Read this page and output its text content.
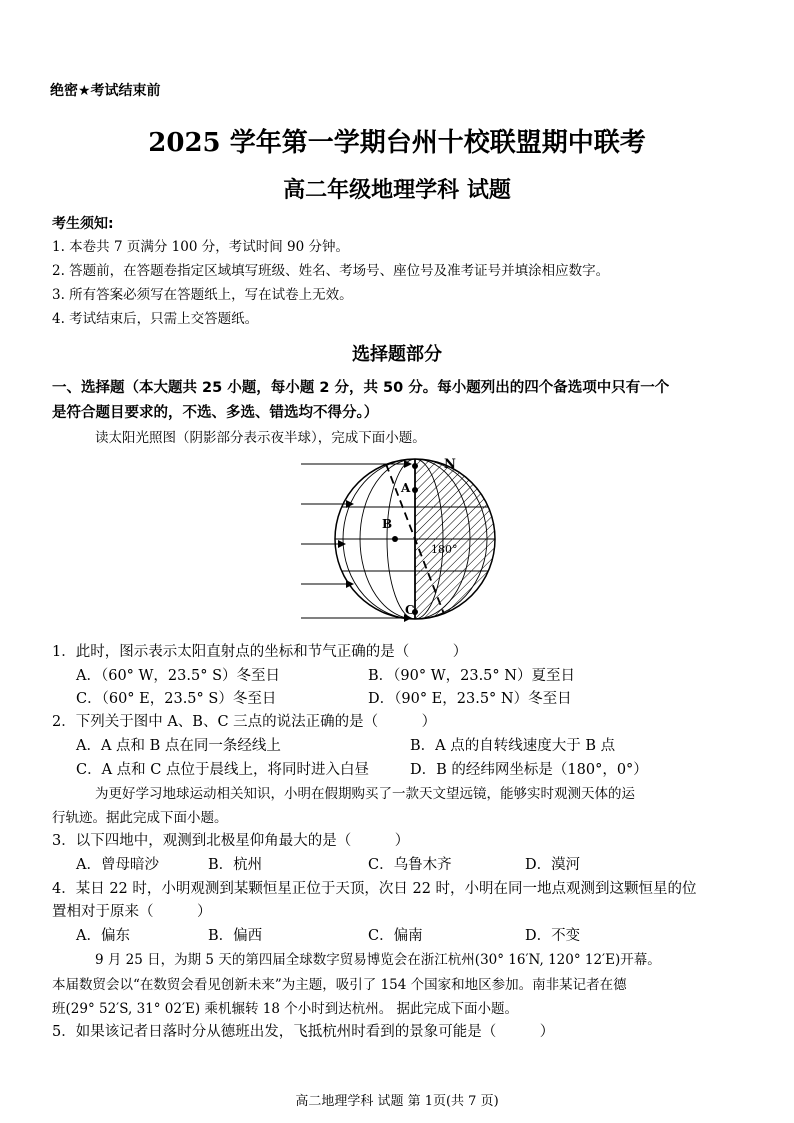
绝密★考试结束前
2025 学年第一学期台州十校联盟期中联考
高二年级地理学科 试题
考生须知:
1. 本卷共 7 页满分 100 分，考试时间 90 分钟。
2. 答题前，在答题卷指定区域填写班级、姓名、考场号、座位号及准考证号并填涂相应数字。
3. 所有答案必须写在答题纸上，写在试卷上无效。
4. 考试结束后，只需上交答题纸。
选择题部分
一、选择题（本大题共 25 小题，每小题 2 分，共 50 分。每小题列出的四个备选项中只有一个
是符合题目要求的，不选、多选、错选均不得分。）
读太阳光照图（阴影部分表示夜半球），完成下面小题。
N
A
B
C
180°
1．此时，图示表示太阳直射点的坐标和节气正确的是（　　　）
A．（60° W，23.5° S）冬至日	B．（90° W，23.5° N）夏至日
C．（60° E，23.5° S）冬至日	D．（90° E，23.5° N）冬至日
2．下列关于图中 A、B、C 三点的说法正确的是（　　　）
A．A 点和 B 点在同一条经线上	B．A 点的自转线速度大于 B 点
C．A 点和 C 点位于晨线上，将同时进入白昼	D．B 的经纬网坐标是（180°，0°）
为更好学习地球运动相关知识，小明在假期购买了一款天文望远镜，能够实时观测天体的运
行轨迹。据此完成下面小题。
3．以下四地中，观测到北极星仰角最大的是（　　　）
A．曾母暗沙	B．杭州	C．乌鲁木齐	D．漠河
4．某日 22 时，小明观测到某颗恒星正位于天顶，次日 22 时，小明在同一地点观测到这颗恒星的位
置相对于原来（　　　）
A．偏东	B．偏西	C．偏南	D．不变
9 月 25 日，为期 5 天的第四届全球数字贸易博览会在浙江杭州(30° 16′N, 120° 12′E)开幕。
本届数贸会以“在数贸会看见创新未来”为主题，吸引了 154 个国家和地区参加。南非某记者在德
班(29° 52′S, 31° 02′E) 乘机辗转 18 个小时到达杭州。 据此完成下面小题。
5．如果该记者日落时分从德班出发，飞抵杭州时看到的景象可能是（　　　）
高二地理学科 试题 第 1页(共 7 页)
